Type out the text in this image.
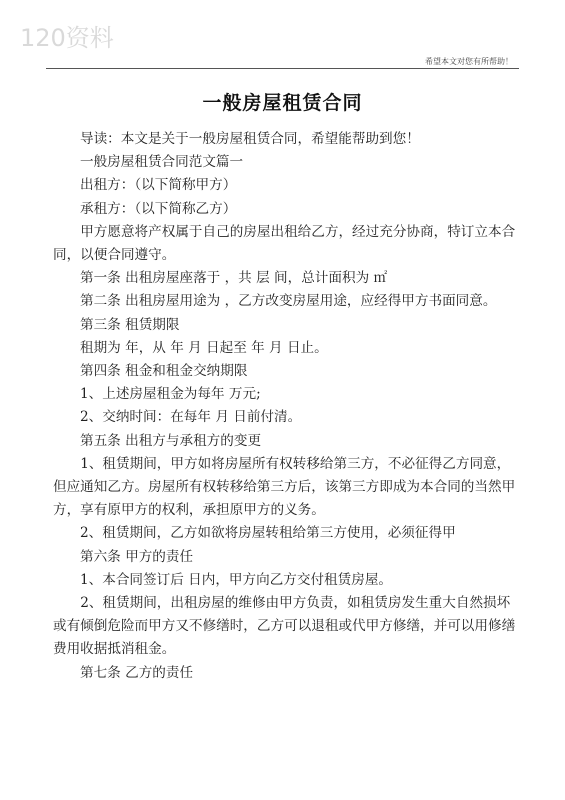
120资料
希望本文对您有所帮助！
一般房屋租赁合同

导读：本文是关于一般房屋租赁合同，希望能帮助到您！

一般房屋租赁合同范文篇一

出租方：（以下简称甲方）

承租方：（以下简称乙方）

甲方愿意将产权属于自己的房屋出租给乙方，经过充分协商，特订立本合同，以便合同遵守。

第一条 出租房屋座落于 ，共 层 间，总计面积为 ㎡

第二条 出租房屋用途为 ，乙方改变房屋用途，应经得甲方书面同意。

第三条 租赁期限

租期为 年，从 年 月 日起至 年 月 日止。

第四条 租金和租金交纳期限

1、上述房屋租金为每年 万元;

2、交纳时间：在每年 月 日前付清。

第五条 出租方与承租方的变更

1、租赁期间，甲方如将房屋所有权转移给第三方，不必征得乙方同意，但应通知乙方。房屋所有权转移给第三方后，该第三方即成为本合同的当然甲方，享有原甲方的权利，承担原甲方的义务。

2、租赁期间，乙方如欲将房屋转租给第三方使用，必须征得甲

第六条 甲方的责任

1、本合同签订后 日内，甲方向乙方交付租赁房屋。

2、租赁期间，出租房屋的维修由甲方负责，如租赁房发生重大自然损坏或有倾倒危险而甲方又不修缮时，乙方可以退租或代甲方修缮，并可以用修缮费用收据抵消租金。

第七条 乙方的责任
